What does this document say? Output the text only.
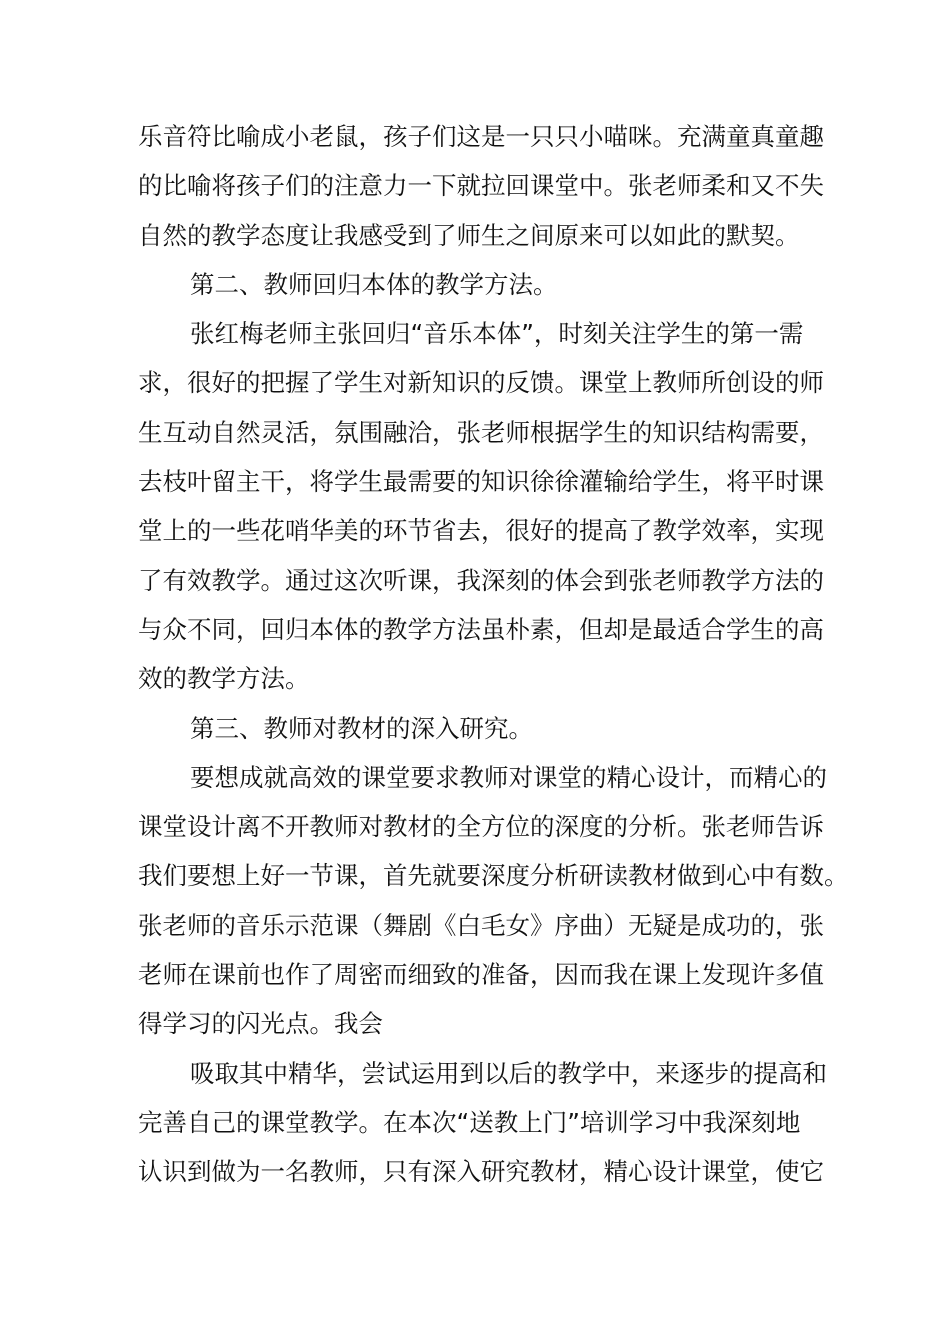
乐音符比喻成小老鼠，孩子们这是一只只小喵咪。充满童真童趣
的比喻将孩子们的注意力一下就拉回课堂中。张老师柔和又不失
自然的教学态度让我感受到了师生之间原来可以如此的默契。
第二、教师回归本体的教学方法。
张红梅老师主张回归“音乐本体”，时刻关注学生的第一需
求，很好的把握了学生对新知识的反馈。课堂上教师所创设的师
生互动自然灵活，氛围融洽，张老师根据学生的知识结构需要，
去枝叶留主干，将学生最需要的知识徐徐灌输给学生，将平时课
堂上的一些花哨华美的环节省去，很好的提高了教学效率，实现
了有效教学。通过这次听课，我深刻的体会到张老师教学方法的
与众不同，回归本体的教学方法虽朴素，但却是最适合学生的高
效的教学方法。
第三、教师对教材的深入研究。
要想成就高效的课堂要求教师对课堂的精心设计，而精心的
课堂设计离不开教师对教材的全方位的深度的分析。张老师告诉
我们要想上好一节课，首先就要深度分析研读教材做到心中有数。
张老师的音乐示范课（舞剧《白毛女》序曲）无疑是成功的，张
老师在课前也作了周密而细致的准备，因而我在课上发现许多值
得学习的闪光点。我会
吸取其中精华，尝试运用到以后的教学中，来逐步的提高和
完善自己的课堂教学。在本次“送教上门”培训学习中我深刻地
认识到做为一名教师，只有深入研究教材，精心设计课堂，使它
